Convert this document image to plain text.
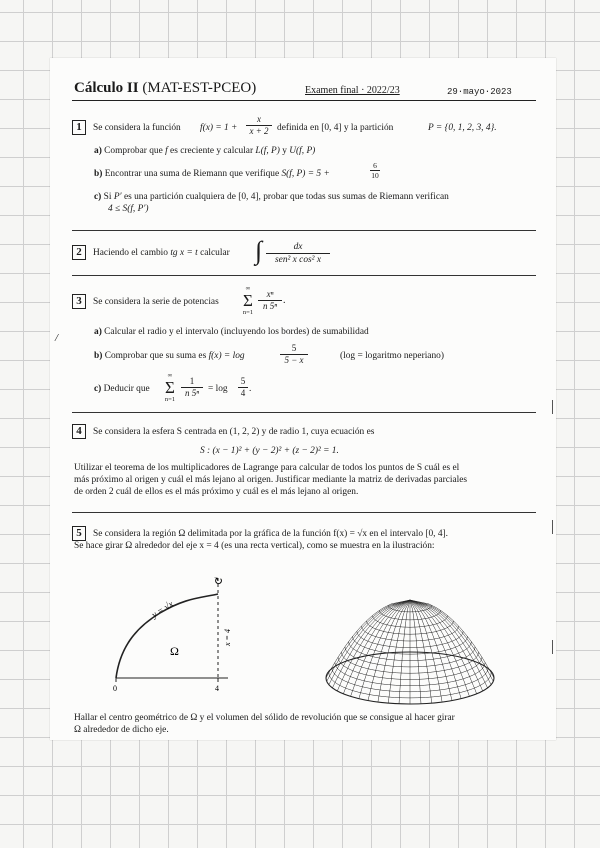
Cálculo II (MAT-EST-PCEO)	Examen final · 2022/23	29·mayo·2023
1	Se considera la función $f(x) = 1 + \frac{x}{x + 2}$ definida en [0, 4] y la partición	P = {0, 1, 2, 3, 4}.
a) Comprobar que f es creciente y calcular L(f, P) y U(f, P)
b) Encontrar una suma de Riemann que verifique S(f, P) = 5 +
6
10
c) Si P′ es una partición cualquiera de [0, 4], probar que todas sus sumas de Riemann verifican
4 ≤ S(f, P′)
2	Haciendo el cambio tg x = t calcular ∫	dx
sen² x cos² x
3	Se considera la serie de potencias
∞
Σ
n=1
xⁿ
n 5ⁿ .
/	a) Calcular el radio y el intervalo (incluyendo los bordes) de sumabilidad
b) Comprobar que su suma es f(x) = log
5
5 − x	(log = logaritmo neperiano)
c) Deducir que
∞
Σ
n=1
1
n 5ⁿ = log
5
4 .
4	Se considera la esfera S centrada en (1, 2, 2) y de radio 1, cuya ecuación es
S : (x − 1)² + (y − 2)² + (z − 2)² = 1.
Utilizar el teorema de los multiplicadores de Lagrange para calcular de todos los puntos de S cuál es el
más próximo al origen y cuál el más lejano al origen. Justificar mediante la matriz de derivadas parciales
de orden 2 cuál de ellos es el más próximo y cuál es el más lejano al origen.
5	Se considera la región Ω delimitada por la gráfica de la función f(x) = √x en el intervalo [0, 4].
Se hace girar Ω alrededor del eje x = 4 (es una recta vertical), como se muestra en la ilustración:
0	4
y = √x
Ω
x = 4
↻
Hallar el centro geométrico de Ω y el volumen del sólido de revolución que se consigue al hacer girar
Ω alrededor de dicho eje.
